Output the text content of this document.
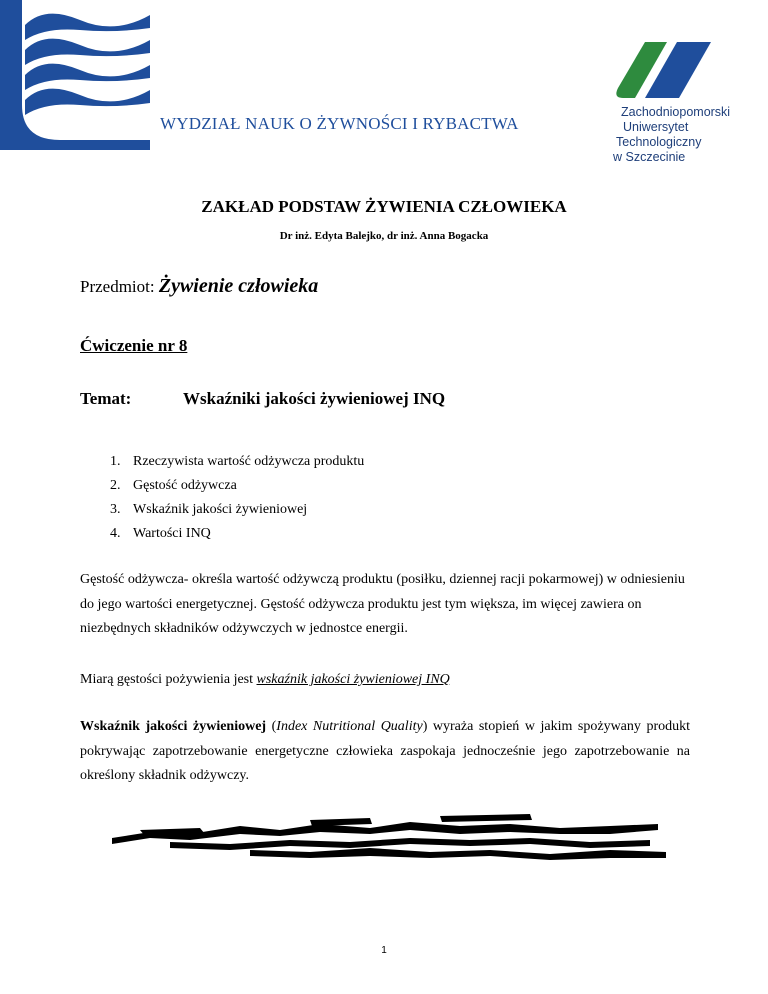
WYDZIAŁ NAUK O ŻYWNOŚCI I RYBACTWA
Zachodniopomorski
Uniwersytet
Technologiczny
w Szczecinie
ZAKŁAD PODSTAW ŻYWIENIA CZŁOWIEKA
Dr inż. Edyta Balejko, dr inż. Anna Bogacka
Przedmiot: Żywienie człowieka
Ćwiczenie nr 8
Temat:	Wskaźniki jakości żywieniowej INQ
1. Rzeczywista wartość odżywcza produktu
2. Gęstość odżywcza
3. Wskaźnik jakości żywieniowej
4. Wartości INQ
Gęstość odżywcza- określa wartość odżywczą produktu (posiłku, dziennej racji pokarmowej) w odniesieniu do jego wartości energetycznej. Gęstość odżywcza produktu jest tym większa, im więcej zawiera on niezbędnych składników odżywczych w jednostce energii.
Miarą gęstości pożywienia jest wskaźnik jakości żywieniowej INQ
Wskaźnik jakości żywieniowej (Index Nutritional Quality) wyraża stopień w jakim spożywany produkt pokrywając zapotrzebowanie energetyczne człowieka zaspokaja jednocześnie jego zapotrzebowanie na określony składnik odżywczy.
1
